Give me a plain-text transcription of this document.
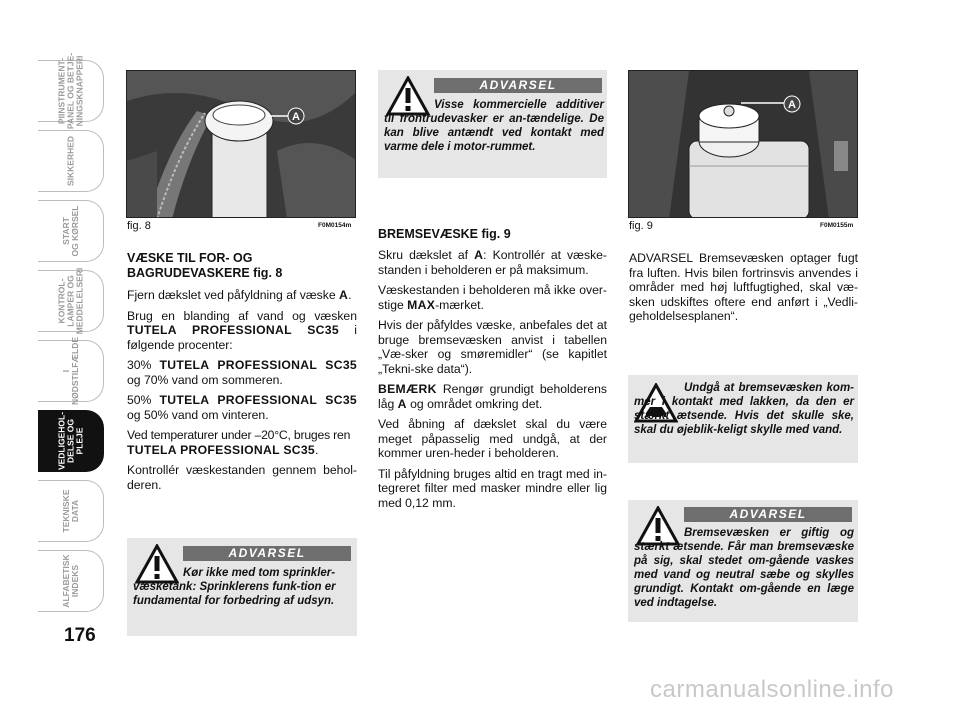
PIINSTRUMENT-
PANEL OG BETJE-
NINGSKNAPPERI
SIKKERHED
START
OG KØRSEL
KONTROL-
LAMPER OG
MEDDELELSERI
I
NØDSTILFÆLDE
VEDLIGEHOL-
DELSE OG
PLEJE
TEKNISKE
DATA
ALFABETISK
INDEKS
176
A
fig. 8	F0M0154m
VÆSKE TIL FOR- OG
BAGRUDEVASKERE fig. 8

Fjern dækslet ved påfyldning af væske A.

Brug en blanding af vand og væsken TUTELA PROFESSIONAL SC35 i følgende procenter:

30% TUTELA PROFESSIONAL SC35 og 70% vand om sommeren.

50% TUTELA PROFESSIONAL SC35 og 50% vand om vinteren.

Ved temperaturer under –20°C, bruges ren TUTELA PROFESSIONAL SC35.

Kontrollér væskestanden gennem behol-deren.

ADVARSEL
Kør ikke med tom sprinkler-væsketank: Sprinklerens funk-tion er fundamental for forbedring af udsyn.
ADVARSEL
Visse kommercielle additiver til frontrudevasker er an-tændelige. De kan blive antændt ved kontakt med varme dele i motor-rummet.
BREMSEVÆSKE fig. 9

Skru dækslet af A: Kontrollér at væske-standen i beholderen er på maksimum.

Væskestanden i beholderen må ikke over-stige MAX-mærket.

Hvis der påfyldes væske, anbefales det at bruge bremsevæsken anvist i tabellen „Væ-sker og smøremidler“ (se kapitlet „Tekni-ske data“).

BEMÆRK Rengør grundigt beholderens låg A og området omkring det.

Ved åbning af dækslet skal du være meget påpasselig med undgå, at der kommer uren-heder i beholderen.

Til påfyldning bruges altid en tragt med in-tegreret filter med masker mindre eller lig med 0,12 mm.

A
fig. 9	F0M0155m

ADVARSEL Bremsevæsken optager fugt fra luften. Hvis bilen fortrinsvis anvendes i områder med høj luftfugtighed, skal væ-sken udskiftes oftere end anført i „Vedli-geholdelsesplanen“.

Undgå at bremsevæsken kom-mer i kontakt med lakken, da den er stærkt ætsende. Hvis det skulle ske, skal du øjeblik-keligt skylle med vand.
ADVARSEL
Bremsevæsken er giftig og stærkt ætsende. Får man bremsevæske på sig, skal stedet om-gående vaskes med vand og neutral sæbe og skylles grundigt. Kontakt om-gående en læge ved indtagelse.
carmanualsonline.info
